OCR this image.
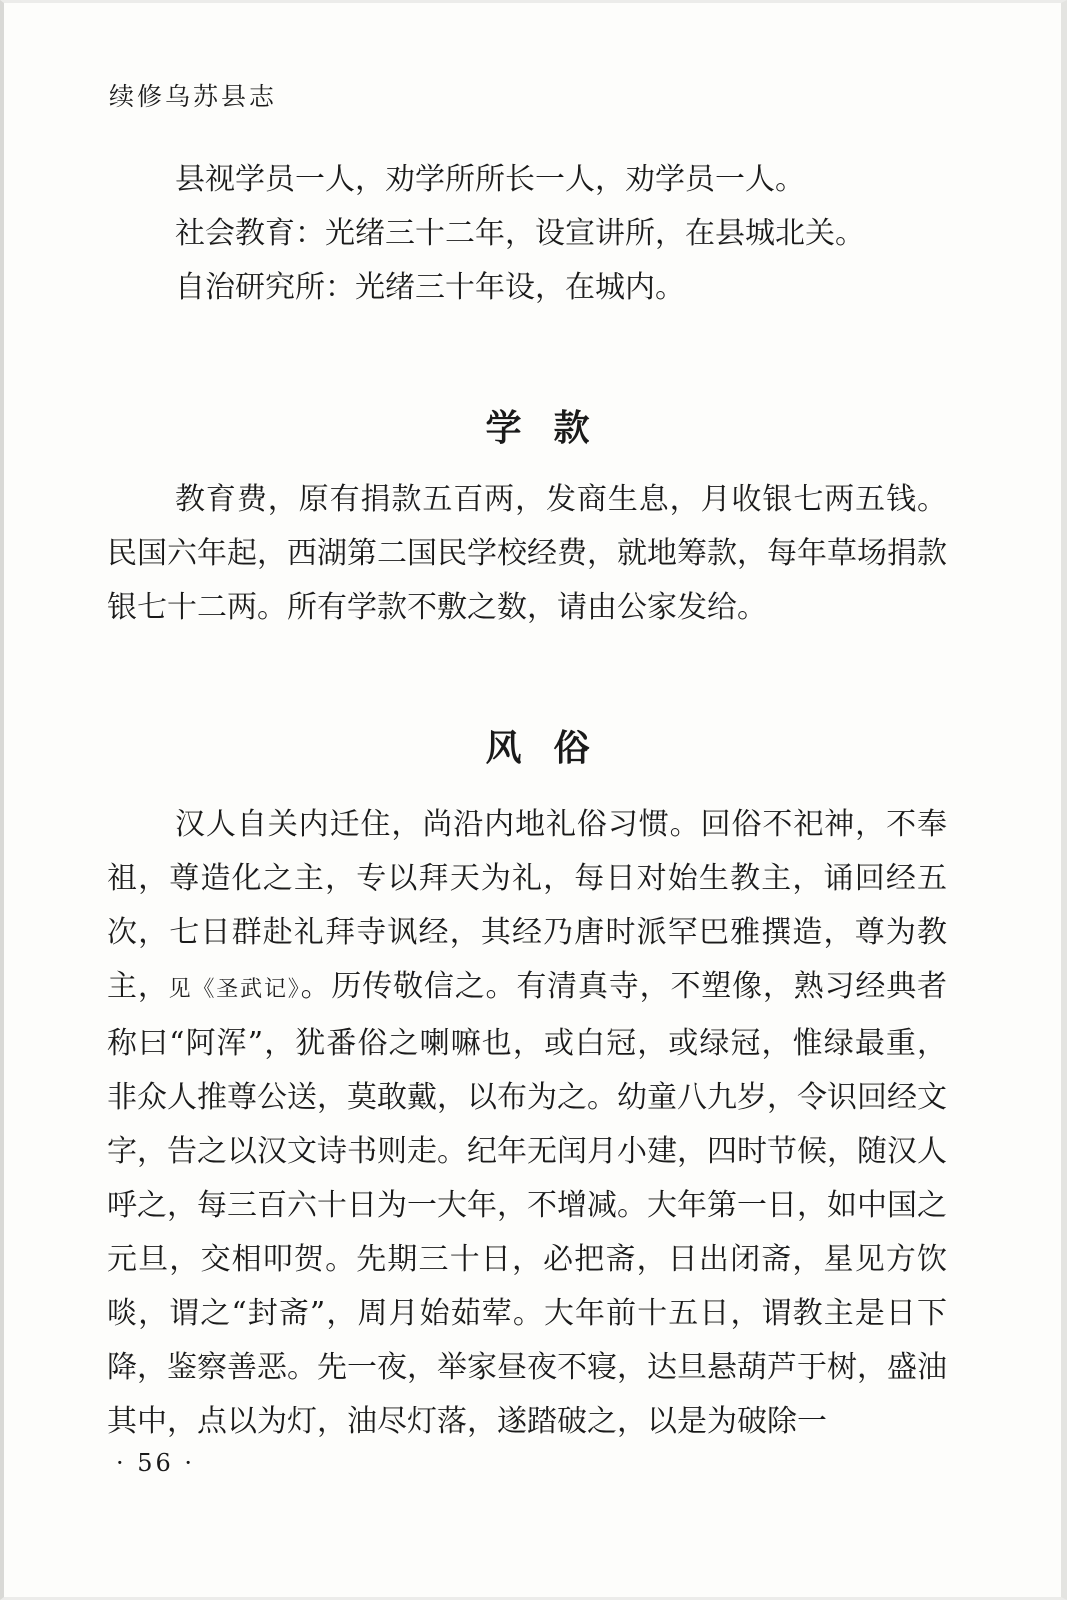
续修乌苏县志

县视学员一人，劝学所所长一人，劝学员一人。

社会教育：光绪三十二年，设宣讲所，在县城北关。

自治研究所：光绪三十年设，在城内。

学款

教育费，原有捐款五百两，发商生息，月收银七两五钱。民国六年起，西湖第二国民学校经费，就地筹款，每年草场捐款银七十二两。所有学款不敷之数，请由公家发给。

风俗

汉人自关内迁住，尚沿内地礼俗习惯。回俗不祀神，不奉祖，尊造化之主，专以拜天为礼，每日对始生教主，诵回经五次，七日群赴礼拜寺讽经，其经乃唐时派罕巴雅撰造，尊为教主，见《圣武记》。历传敬信之。有清真寺，不塑像，熟习经典者称曰“阿浑”，犹番俗之喇嘛也，或白冠，或绿冠，惟绿最重，非众人推尊公送，莫敢戴，以布为之。幼童八九岁，令识回经文字，告之以汉文诗书则走。纪年无闰月小建，四时节候，随汉人呼之，每三百六十日为一大年，不增减。大年第一日，如中国之元旦，交相叩贺。先期三十日，必把斋，日出闭斋，星见方饮啖，谓之“封斋”，周月始茹荤。大年前十五日，谓教主是日下降，鉴察善恶。先一夜，举家昼夜不寝，达旦悬葫芦于树，盛油其中，点以为灯，油尽灯落，遂踏破之，以是为破除一

· 56 ·
